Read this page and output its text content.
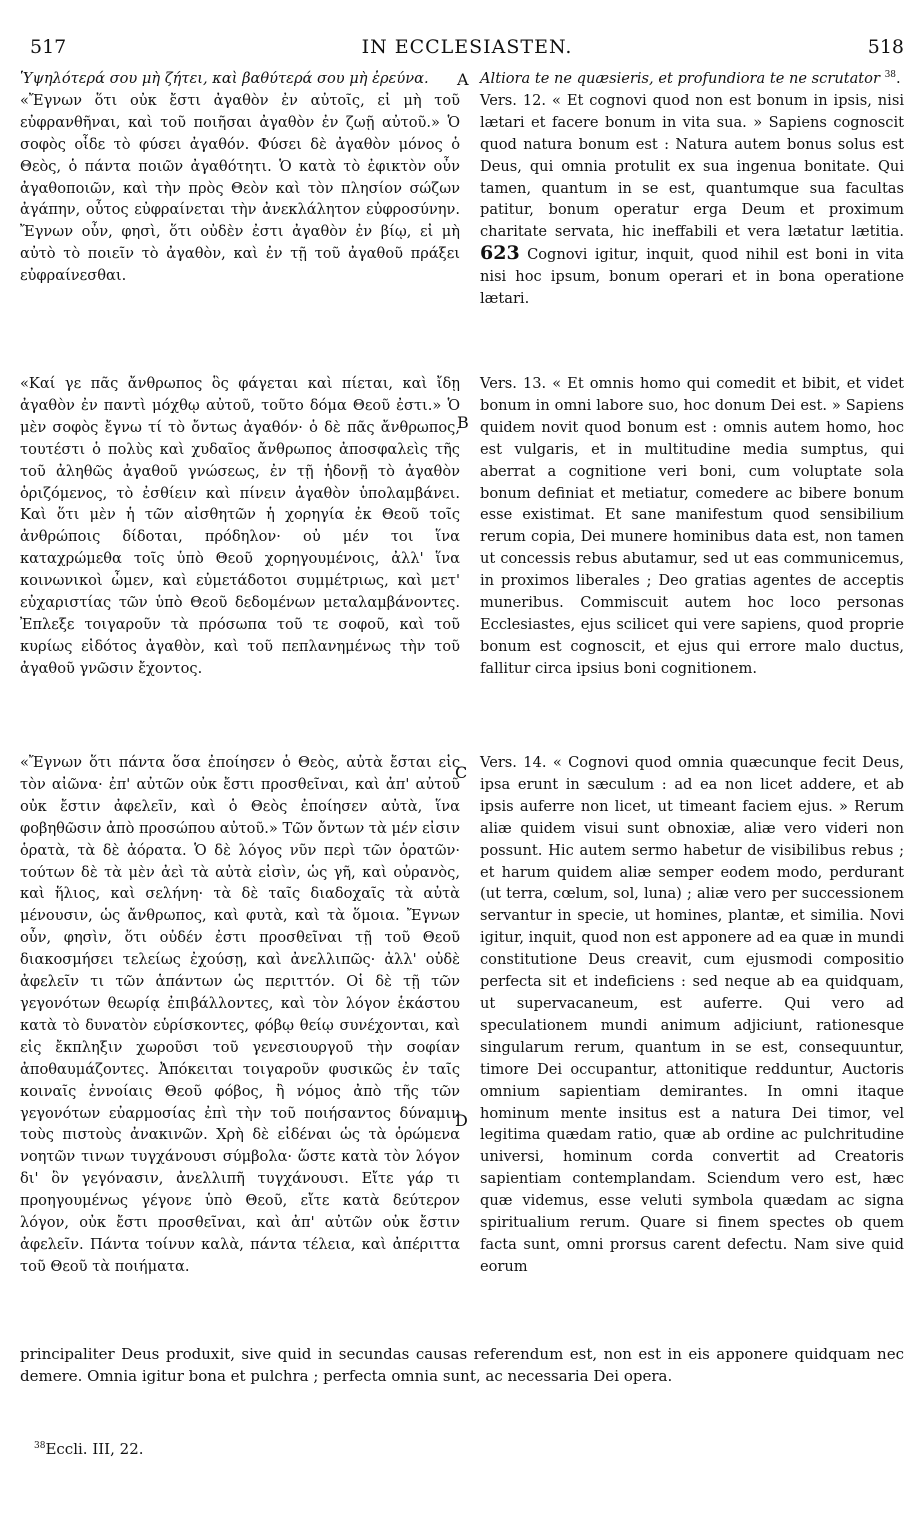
517	IN ECCLESIASTEN.	518
A
B
C
D

Ὑψηλότερά σου μὴ ζήτει, καὶ βαθύτερά σου μὴ ἐρεύνα.

«Ἔγνων ὅτι οὐκ ἔστι ἀγαθὸν ἐν αὐτοῖς, εἰ μὴ τοῦ εὐφρανθῆναι, καὶ τοῦ ποιῆσαι ἀγαθὸν ἐν ζωῇ αὐτοῦ.» Ὁ σοφὸς οἶδε τὸ φύσει ἀγαθόν. Φύσει δὲ ἀγαθὸν μόνος ὁ Θεὸς, ὁ πάντα ποιῶν ἀγαθότητι. Ὁ κατὰ τὸ ἐφικτὸν οὖν ἀγαθοποιῶν, καὶ τὴν πρὸς Θεὸν καὶ τὸν πλησίον σώζων ἀγάπην, οὗτος εὐφραίνεται τὴν ἀνεκλάλητον εὐφροσύνην. Ἔγνων οὖν, φησὶ, ὅτι οὐδὲν ἐστι ἀγαθὸν ἐν βίῳ, εἰ μὴ αὐτὸ τὸ ποιεῖν τὸ ἀγαθὸν, καὶ ἐν τῇ τοῦ ἀγαθοῦ πράξει εὐφραίνεσθαι.

«Καί γε πᾶς ἄνθρωπος ὃς φάγεται καὶ πίεται, καὶ ἴδῃ ἀγαθὸν ἐν παντὶ μόχθῳ αὐτοῦ, τοῦτο δόμα Θεοῦ ἐστι.» Ὁ μὲν σοφὸς ἔγνω τί τὸ ὄντως ἀγαθόν· ὁ δὲ πᾶς ἄνθρωπος, τουτέστι ὁ πολὺς καὶ χυδαῖος ἄνθρωπος ἀποσφαλεὶς τῆς τοῦ ἀληθῶς ἀγαθοῦ γνώσεως, ἐν τῇ ἡδονῇ τὸ ἀγαθὸν ὁριζόμενος, τὸ ἐσθίειν καὶ πίνειν ἀγαθὸν ὑπολαμβάνει. Καὶ ὅτι μὲν ἡ τῶν αἰσθητῶν ἡ χορηγία ἐκ Θεοῦ τοῖς ἀνθρώποις δίδοται, πρόδηλον· οὐ μέν τοι ἵνα καταχρώμεθα τοῖς ὑπὸ Θεοῦ χορηγουμένοις, ἀλλ' ἵνα κοινωνικοὶ ὦμεν, καὶ εὐμετάδοτοι συμμέτριως, καὶ μετ' εὐχαριστίας τῶν ὑπὸ Θεοῦ δεδομένων μεταλαμβάνοντες. Ἐπλεξε τοιγαροῦν τὰ πρόσωπα τοῦ τε σοφοῦ, καὶ τοῦ κυρίως εἰδότος ἀγαθὸν, καὶ τοῦ πεπλανημένως τὴν τοῦ ἀγαθοῦ γνῶσιν ἔχοντος.

«Ἔγνων ὅτι πάντα ὅσα ἐποίησεν ὁ Θεὸς, αὐτὰ ἔσται εἰς τὸν αἰῶνα· ἐπ' αὐτῶν οὐκ ἔστι προσθεῖναι, καὶ ἀπ' αὐτοῦ οὐκ ἔστιν ἀφελεῖν, καὶ ὁ Θεὸς ἐποίησεν αὐτὰ, ἵνα φοβηθῶσιν ἀπὸ προσώπου αὐτοῦ.» Τῶν ὄντων τὰ μέν εἰσιν ὁρατὰ, τὰ δὲ ἀόρατα. Ὁ δὲ λόγος νῦν περὶ τῶν ὁρατῶν· τούτων δὲ τὰ μὲν ἀεὶ τὰ αὐτὰ εἰσὶν, ὡς γῆ, καὶ οὐρανὸς, καὶ ἥλιος, καὶ σελήνη· τὰ δὲ ταῖς διαδοχαῖς τὰ αὐτὰ μένουσιν, ὡς ἄνθρωπος, καὶ φυτὰ, καὶ τὰ ὅμοια. Ἔγνων οὖν, φησὶν, ὅτι οὐδέν ἐστι προσθεῖναι τῇ τοῦ Θεοῦ διακοσμήσει τελείως ἐχούσῃ, καὶ ἀνελλιπῶς· ἀλλ' οὐδὲ ἀφελεῖν τι τῶν ἁπάντων ὡς περιττόν. Οἱ δὲ τῇ τῶν γεγονότων θεωρίᾳ ἐπιβάλλοντες, καὶ τὸν λόγον ἑκάστου κατὰ τὸ δυνατὸν εὑρίσκοντες, φόβῳ θείῳ συνέχονται, καὶ εἰς ἔκπληξιν χωροῦσι τοῦ γενεσιουργοῦ τὴν σοφίαν ἀποθαυμάζοντες. Ἀπόκειται τοιγαροῦν φυσικῶς ἐν ταῖς κοιναῖς ἐννοίαις Θεοῦ φόβος, ἢ νόμος ἀπὸ τῆς τῶν γεγονότων εὐαρμοσίας ἐπὶ τὴν τοῦ ποιήσαντος δύναμιν τοὺς πιστοὺς ἀνακινῶν. Χρὴ δὲ εἰδέναι ὡς τὰ ὁρώμενα νοητῶν τινων τυγχάνουσι σύμβολα· ὥστε κατὰ τὸν λόγον δι' ὃν γεγόνασιν, ἀνελλιπῆ τυγχάνουσι. Εἴτε γάρ τι προηγουμένως γέγονε ὑπὸ Θεοῦ, εἴτε κατὰ δεύτερον λόγον, οὐκ ἔστι προσθεῖναι, καὶ ἀπ' αὐτῶν οὐκ ἔστιν ἀφελεῖν. Πάντα τοίνυν καλὰ, πάντα τέλεια, καὶ ἀπέριττα τοῦ Θεοῦ τὰ ποιήματα.

Altiora te ne quæsieris, et profundiora te ne scrutator $^{38}$.

Vers. 12. « Et cognovi quod non est bonum in ipsis, nisi lætari et facere bonum in vita sua. » Sapiens cognoscit quod natura bonum est : Natura autem bonus solus est Deus, qui omnia protulit ex sua ingenua bonitate. Qui tamen, quantum in se est, quantumque sua facultas patitur, bonum operatur erga Deum et proximum charitate servata, hic ineffabili et vera lætatur lætitia. 623 Cognovi igitur, inquit, quod nihil est boni in vita nisi hoc ipsum, bonum operari et in bona operatione lætari.

Vers. 13. « Et omnis homo qui comedit et bibit, et videt bonum in omni labore suo, hoc donum Dei est. » Sapiens quidem novit quod bonum est : omnis autem homo, hoc est vulgaris, et in multitudine media sumptus, qui aberrat a cognitione veri boni, cum voluptate sola bonum definiat et metiatur, comedere ac bibere bonum esse existimat. Et sane manifestum quod sensibilium rerum copia, Dei munere hominibus data est, non tamen ut concessis rebus abutamur, sed ut eas communicemus, in proximos liberales ; Deo gratias agentes de acceptis muneribus. Commiscuit autem hoc loco personas Ecclesiastes, ejus scilicet qui vere sapiens, quod proprie bonum est cognoscit, et ejus qui errore malo ductus, fallitur circa ipsius boni cognitionem.

Vers. 14. « Cognovi quod omnia quæcunque fecit Deus, ipsa erunt in sæculum : ad ea non licet addere, et ab ipsis auferre non licet, ut timeant faciem ejus. » Rerum aliæ quidem visui sunt obnoxiæ, aliæ vero videri non possunt. Hic autem sermo habetur de visibilibus rebus ; et harum quidem aliæ semper eodem modo, perdurant (ut terra, cœlum, sol, luna) ; aliæ vero per successionem servantur in specie, ut homines, plantæ, et similia. Novi igitur, inquit, quod non est apponere ad ea quæ in mundi constitutione Deus creavit, cum ejusmodi compositio perfecta sit et indeficiens : sed neque ab ea quidquam, ut supervacaneum, est auferre. Qui vero ad speculationem mundi animum adjiciunt, rationesque singularum rerum, quantum in se est, consequuntur, timore Dei occupantur, attonitique redduntur, Auctoris omnium sapientiam demirantes. In omni itaque hominum mente insitus est a natura Dei timor, vel legitima quædam ratio, quæ ab ordine ac pulchritudine universi, hominum corda convertit ad Creatoris sapientiam contemplandam. Sciendum vero est, hæc quæ videmus, esse veluti symbola quædam ac signa spiritualium rerum. Quare si finem spectes ob quem facta sunt, omni prorsus carent defectu. Nam sive quid eorum

principaliter Deus produxit, sive quid in secundas causas referendum est, non est in eis apponere quidquam nec demere. Omnia igitur bona et pulchra ; perfecta omnia sunt, ac necessaria Dei opera.
$^{38}$Eccli. III, 22.
